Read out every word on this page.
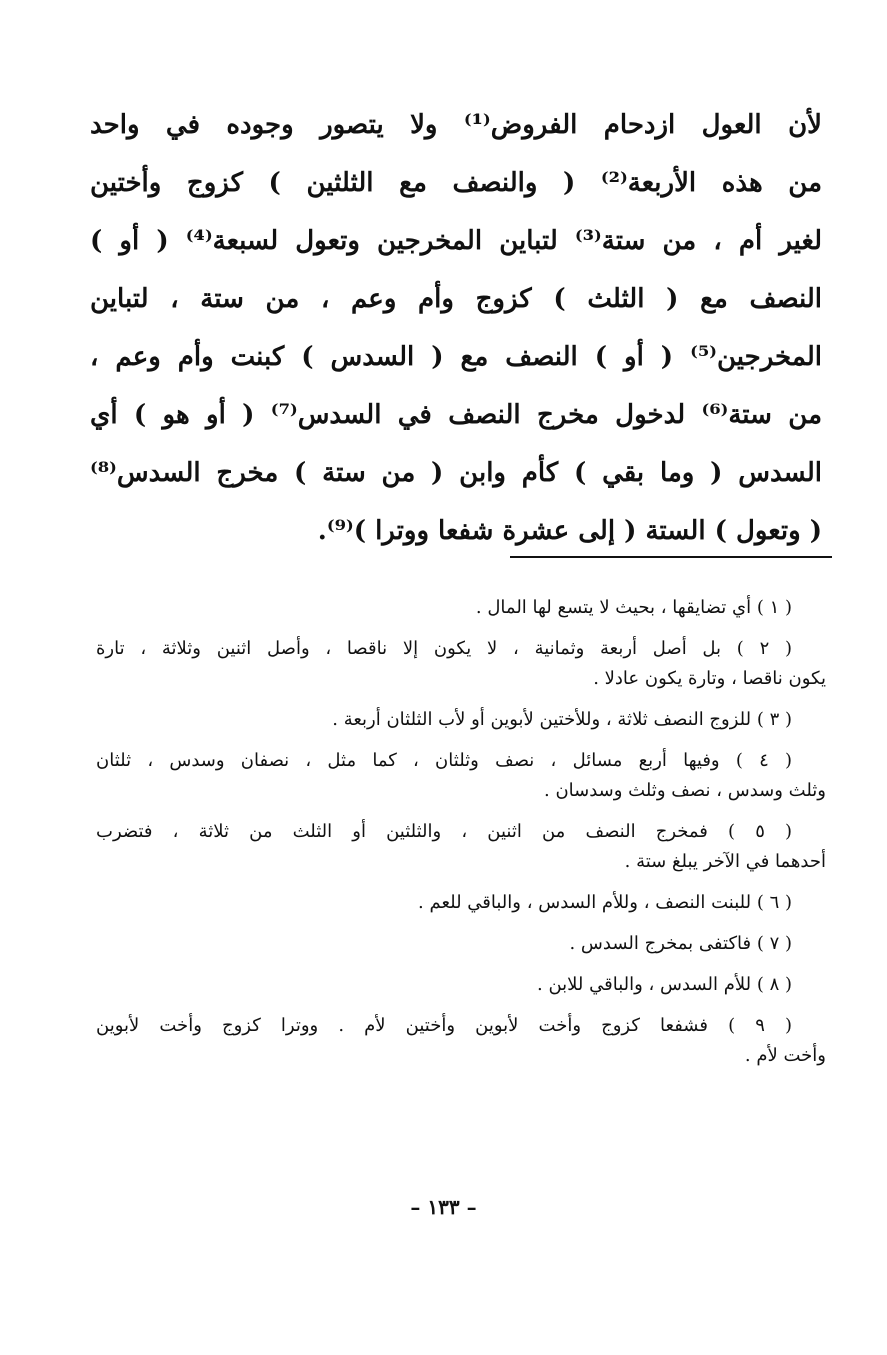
لأن العول ازدحام الفروض⁽¹⁾ ولا يتصور وجوده في واحد
من هذه الأربعة⁽²⁾ ( والنصف مع الثلثين ) كزوج وأختين
لغير أم ، من ستة⁽³⁾ لتباين المخرجين وتعول لسبعة⁽⁴⁾ ( أو )
النصف مع ( الثلث ) كزوج وأم وعم ، من ستة ، لتباين
المخرجين⁽⁵⁾ ( أو ) النصف مع ( السدس ) كبنت وأم وعم ،
من ستة⁽⁶⁾ لدخول مخرج النصف في السدس⁽⁷⁾ ( أو هو ) أي
السدس ( وما بقي ) كأم وابن ( من ستة ) مخرج السدس⁽⁸⁾
( وتعول ) الستة ( إلى عشرة شفعا ووترا )⁽⁹⁾.
( ١ ) أي تضايقها ، بحيث لا يتسع لها المال .
( ٢ ) بل أصل أربعة وثمانية ، لا يكون إلا ناقصا ، وأصل اثنين وثلاثة ، تارة
يكون ناقصا ، وتارة يكون عادلا .
( ٣ ) للزوج النصف ثلاثة ، وللأختين لأبوين أو لأب الثلثان أربعة .
( ٤ ) وفيها أربع مسائل ، نصف وثلثان ، كما مثل ، نصفان وسدس ، ثلثان
وثلث وسدس ، نصف وثلث وسدسان .
( ٥ ) فمخرج النصف من اثنين ، والثلثين أو الثلث من ثلاثة ، فتضرب
أحدهما في الآخر يبلغ ستة .
( ٦ ) للبنت النصف ، وللأم السدس ، والباقي للعم .
( ٧ ) فاكتفى بمخرج السدس .
( ٨ ) للأم السدس ، والباقي للابن .
( ٩ ) فشفعا كزوج وأخت لأبوين وأختين لأم . ووترا كزوج وأخت لأبوين
وأخت لأم .
– ١٣٣ –
